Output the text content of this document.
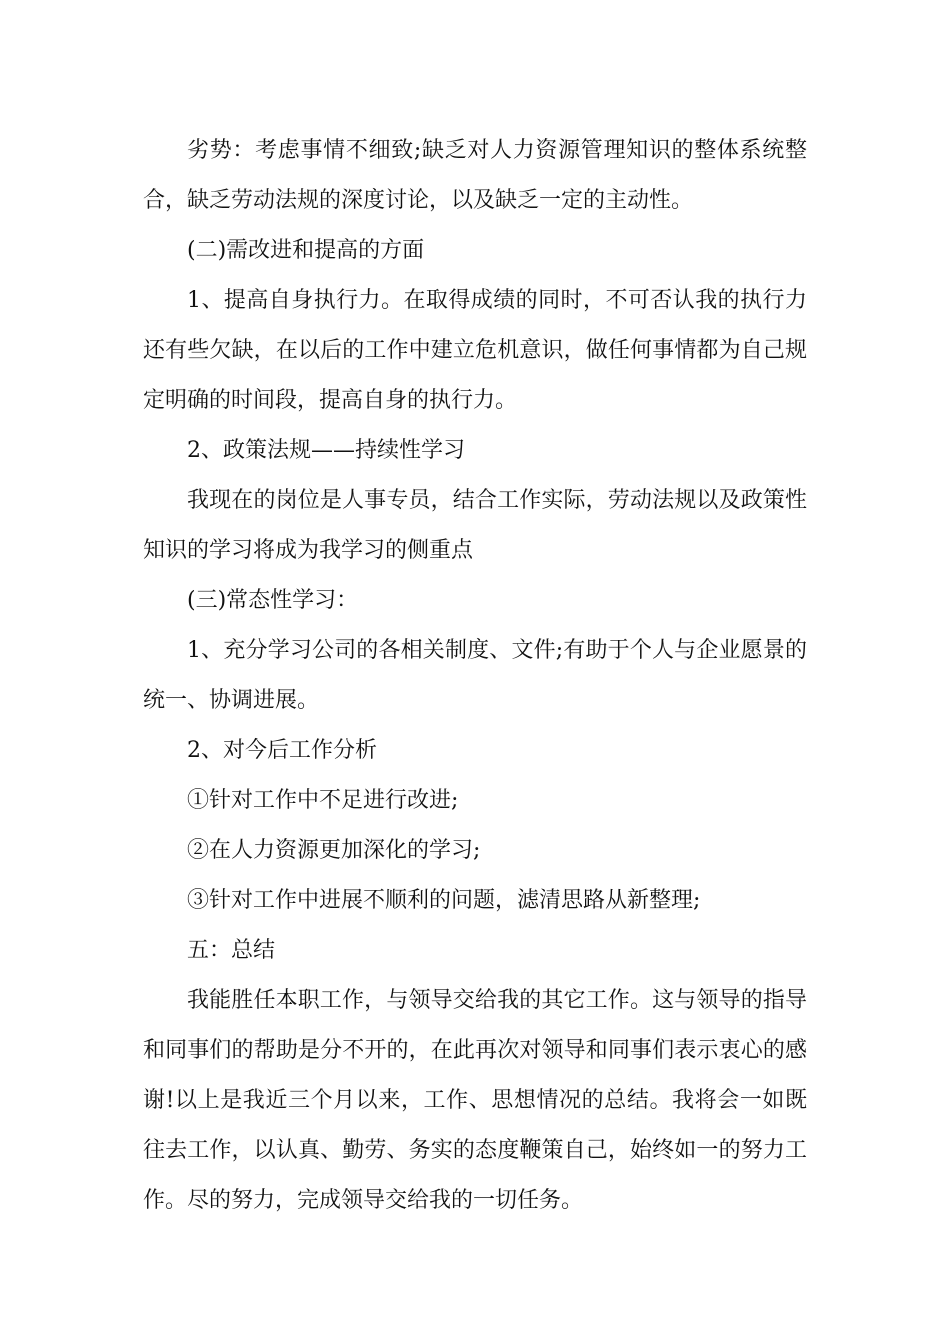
劣势：考虑事情不细致;缺乏对人力资源管理知识的整体系统整合，缺乏劳动法规的深度讨论，以及缺乏一定的主动性。

(二)需改进和提高的方面

1、提高自身执行力。在取得成绩的同时，不可否认我的执行力还有些欠缺，在以后的工作中建立危机意识，做任何事情都为自己规定明确的时间段，提高自身的执行力。

2、政策法规——持续性学习

我现在的岗位是人事专员，结合工作实际，劳动法规以及政策性知识的学习将成为我学习的侧重点

(三)常态性学习：

1、充分学习公司的各相关制度、文件;有助于个人与企业愿景的统一、协调进展。

2、对今后工作分析

①针对工作中不足进行改进;

②在人力资源更加深化的学习;

③针对工作中进展不顺利的问题，滤清思路从新整理;

五：总结

我能胜任本职工作，与领导交给我的其它工作。这与领导的指导和同事们的帮助是分不开的，在此再次对领导和同事们表示衷心的感谢!以上是我近三个月以来，工作、思想情况的总结。我将会一如既往去工作，以认真、勤劳、务实的态度鞭策自己，始终如一的努力工作。尽的努力，完成领导交给我的一切任务。
